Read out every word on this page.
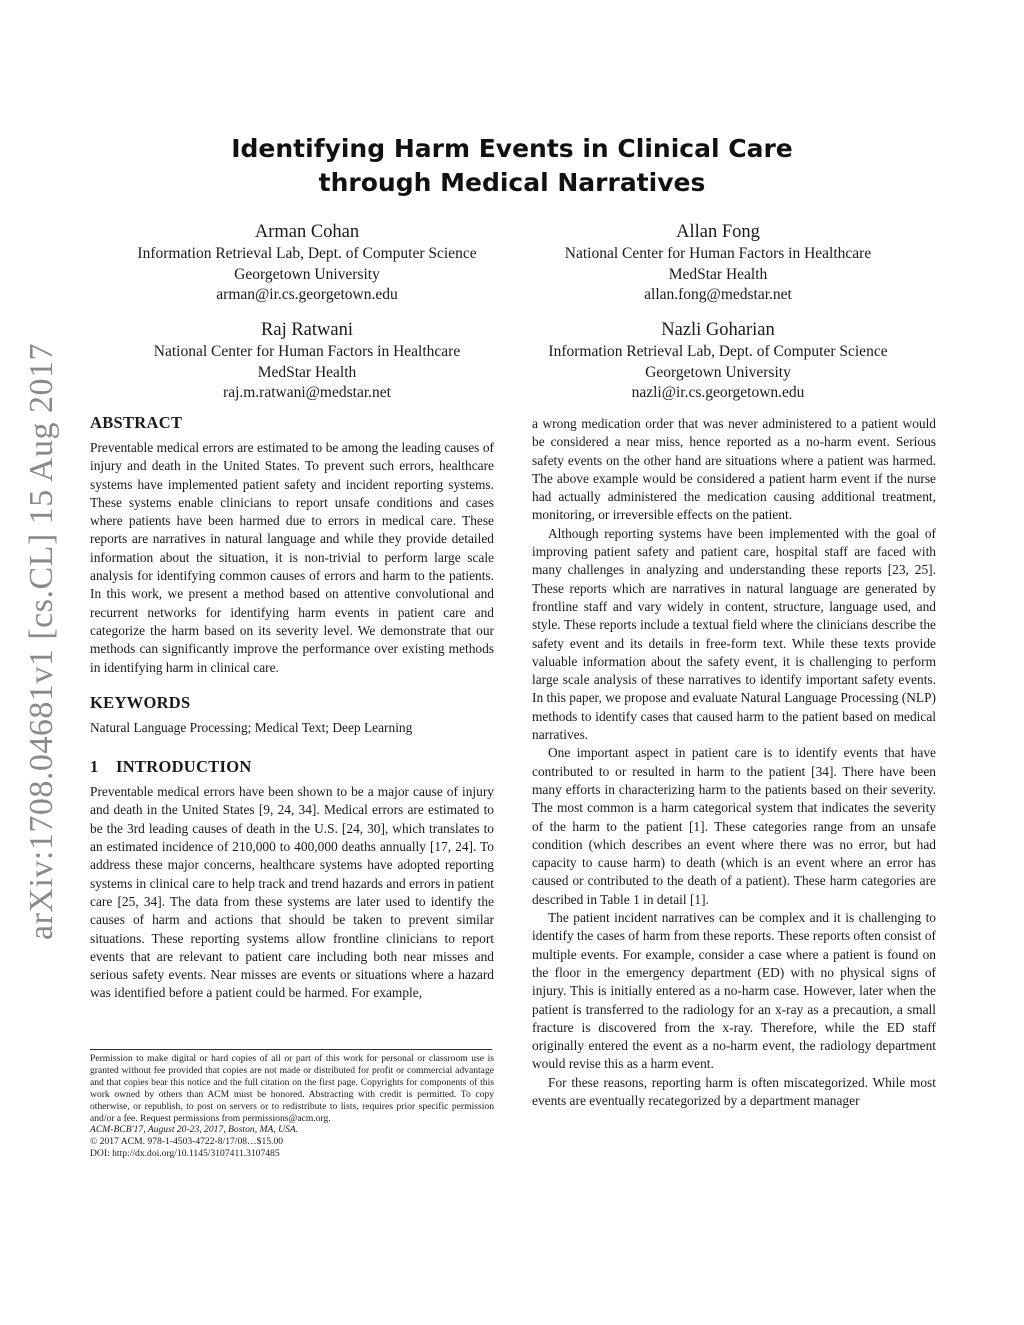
arXiv:1708.04681v1 [cs.CL] 15 Aug 2017
Identifying Harm Events in Clinical Care
through Medical Narratives
Arman Cohan
Information Retrieval Lab, Dept. of Computer Science
Georgetown University
arman@ir.cs.georgetown.edu
Allan Fong
National Center for Human Factors in Healthcare
MedStar Health
allan.fong@medstar.net
Raj Ratwani
National Center for Human Factors in Healthcare
MedStar Health
raj.m.ratwani@medstar.net
Nazli Goharian
Information Retrieval Lab, Dept. of Computer Science
Georgetown University
nazli@ir.cs.georgetown.edu
ABSTRACT

Preventable medical errors are estimated to be among the leading causes of injury and death in the United States. To prevent such errors, healthcare systems have implemented patient safety and incident reporting systems. These systems enable clinicians to report unsafe conditions and cases where patients have been harmed due to errors in medical care. These reports are narratives in natural language and while they provide detailed information about the situation, it is non-trivial to perform large scale analysis for identifying common causes of errors and harm to the patients. In this work, we present a method based on attentive convolutional and recurrent networks for identifying harm events in patient care and categorize the harm based on its severity level. We demonstrate that our methods can significantly improve the performance over existing methods in identifying harm in clinical care.

KEYWORDS

Natural Language Processing; Medical Text; Deep Learning

1 INTRODUCTION

Preventable medical errors have been shown to be a major cause of injury and death in the United States [9, 24, 34]. Medical errors are estimated to be the 3rd leading causes of death in the U.S. [24, 30], which translates to an estimated incidence of 210,000 to 400,000 deaths annually [17, 24]. To address these major concerns, healthcare systems have adopted reporting systems in clinical care to help track and trend hazards and errors in patient care [25, 34]. The data from these systems are later used to identify the causes of harm and actions that should be taken to prevent similar situations. These reporting systems allow frontline clinicians to report events that are relevant to patient care including both near misses and serious safety events. Near misses are events or situations where a hazard was identified before a patient could be harmed. For example,

Permission to make digital or hard copies of all or part of this work for personal or classroom use is granted without fee provided that copies are not made or distributed for profit or commercial advantage and that copies bear this notice and the full citation on the first page. Copyrights for components of this work owned by others than ACM must be honored. Abstracting with credit is permitted. To copy otherwise, or republish, to post on servers or to redistribute to lists, requires prior specific permission and/or a fee. Request permissions from permissions@acm.org.

ACM-BCB'17, August 20-23, 2017, Boston, MA, USA.

© 2017 ACM. 978-1-4503-4722-8/17/08…$15.00

DOI: http://dx.doi.org/10.1145/3107411.3107485

a wrong medication order that was never administered to a patient would be considered a near miss, hence reported as a no-harm event. Serious safety events on the other hand are situations where a patient was harmed. The above example would be considered a patient harm event if the nurse had actually administered the medication causing additional treatment, monitoring, or irreversible effects on the patient.

Although reporting systems have been implemented with the goal of improving patient safety and patient care, hospital staff are faced with many challenges in analyzing and understanding these reports [23, 25]. These reports which are narratives in natural language are generated by frontline staff and vary widely in content, structure, language used, and style. These reports include a textual field where the clinicians describe the safety event and its details in free-form text. While these texts provide valuable information about the safety event, it is challenging to perform large scale analysis of these narratives to identify important safety events. In this paper, we propose and evaluate Natural Language Processing (NLP) methods to identify cases that caused harm to the patient based on medical narratives.

One important aspect in patient care is to identify events that have contributed to or resulted in harm to the patient [34]. There have been many efforts in characterizing harm to the patients based on their severity. The most common is a harm categorical system that indicates the severity of the harm to the patient [1]. These categories range from an unsafe condition (which describes an event where there was no error, but had capacity to cause harm) to death (which is an event where an error has caused or contributed to the death of a patient). These harm categories are described in Table 1 in detail [1].

The patient incident narratives can be complex and it is challenging to identify the cases of harm from these reports. These reports often consist of multiple events. For example, consider a case where a patient is found on the floor in the emergency department (ED) with no physical signs of injury. This is initially entered as a no-harm case. However, later when the patient is transferred to the radiology for an x-ray as a precaution, a small fracture is discovered from the x-ray. Therefore, while the ED staff originally entered the event as a no-harm event, the radiology department would revise this as a harm event.

For these reasons, reporting harm is often miscategorized. While most events are eventually recategorized by a department manager
